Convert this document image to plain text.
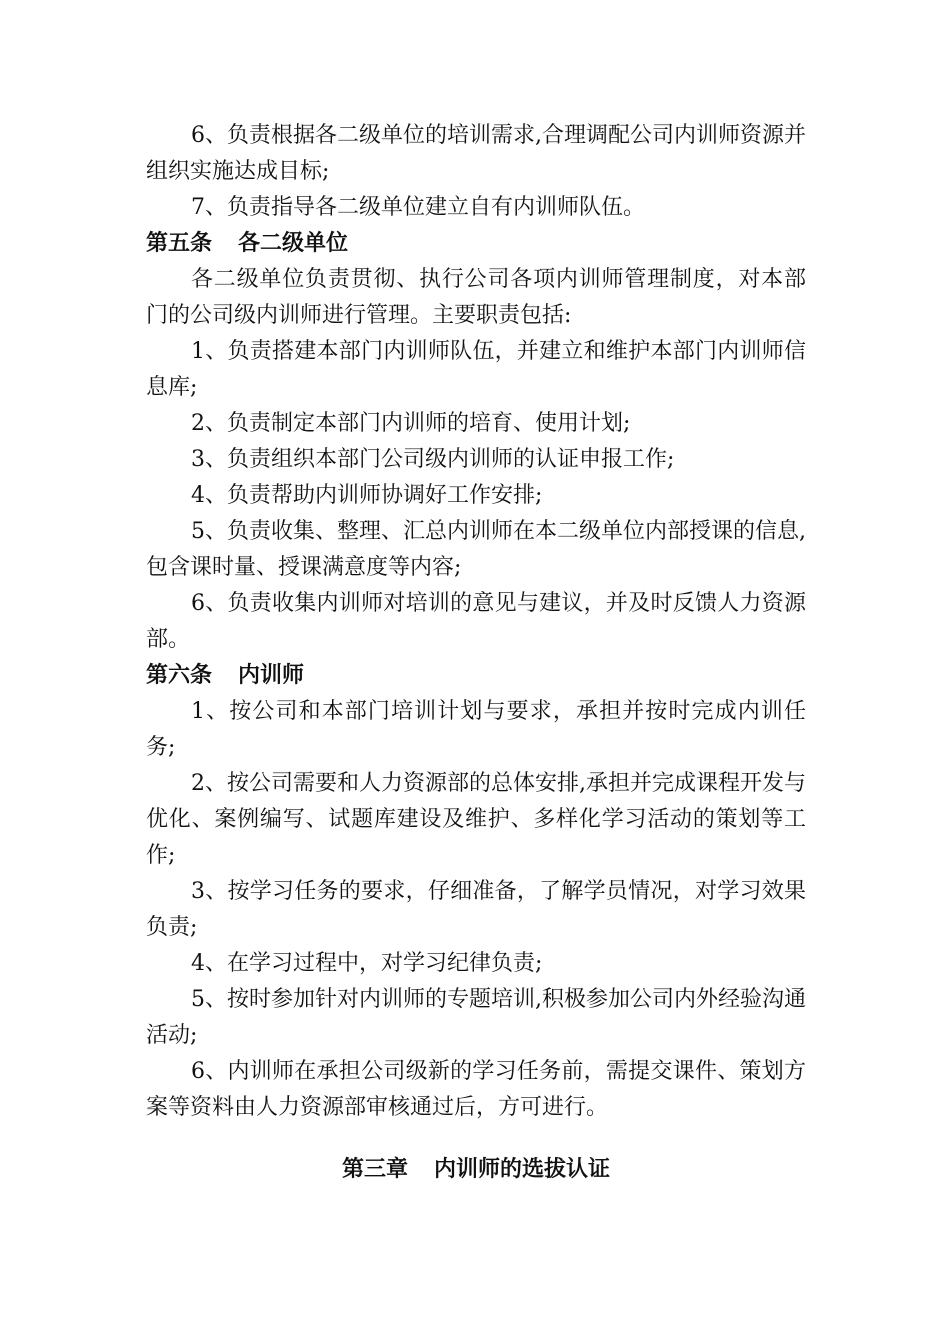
6、负责根据各二级单位的培训需求,合理调配公司内训师资源并组织实施达成目标;

7、负责指导各二级单位建立自有内训师队伍。

第五条 各二级单位

各二级单位负责贯彻、执行公司各项内训师管理制度，对本部门的公司级内训师进行管理。主要职责包括:

1、负责搭建本部门内训师队伍，并建立和维护本部门内训师信息库;

2、负责制定本部门内训师的培育、使用计划;

3、负责组织本部门公司级内训师的认证申报工作;

4、负责帮助内训师协调好工作安排;

5、负责收集、整理、汇总内训师在本二级单位内部授课的信息,包含课时量、授课满意度等内容;

6、负责收集内训师对培训的意见与建议，并及时反馈人力资源部。

第六条 内训师

1、按公司和本部门培训计划与要求，承担并按时完成内训任务;

2、按公司需要和人力资源部的总体安排,承担并完成课程开发与优化、案例编写、试题库建设及维护、多样化学习活动的策划等工作;

3、按学习任务的要求，仔细准备，了解学员情况，对学习效果负责;

4、在学习过程中，对学习纪律负责;

5、按时参加针对内训师的专题培训,积极参加公司内外经验沟通活动;

6、内训师在承担公司级新的学习任务前，需提交课件、策划方案等资料由人力资源部审核通过后，方可进行。

第三章 内训师的选拔认证
